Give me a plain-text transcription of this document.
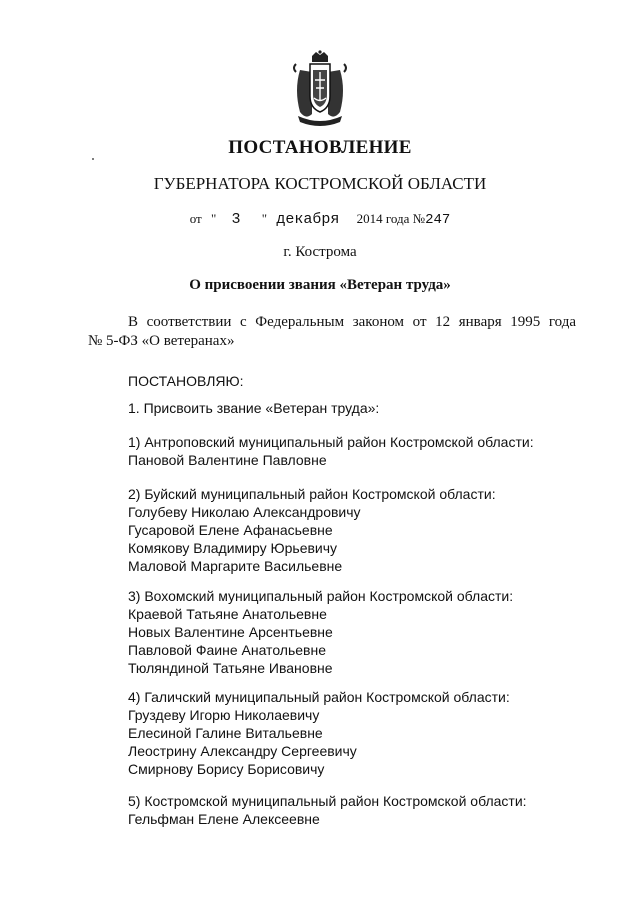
ПОСТАНОВЛЕНИЕ
ГУБЕРНАТОРА КОСТРОМСКОЙ ОБЛАСТИ
от " 3 " декабря 2014 года №247
г. Кострома
О присвоении звания «Ветеран труда»
В соответствии с Федеральным законом от 12 января 1995 года
№ 5-ФЗ «О ветеранах»
ПОСТАНОВЛЯЮ:
1. Присвоить звание «Ветеран труда»:
1) Антроповский муниципальный район Костромской области:
Пановой Валентине Павловне
2) Буйский муниципальный район Костромской области:
Голубеву Николаю Александровичу
Гусаровой Елене Афанасьевне
Комякову Владимиру Юрьевичу
Маловой Маргарите Васильевне
3) Вохомский муниципальный район Костромской области:
Краевой Татьяне Анатольевне
Новых Валентине Арсентьевне
Павловой Фаине Анатольевне
Тюляндиной Татьяне Ивановне
4) Галичский муниципальный район Костромской области:
Груздеву Игорю Николаевичу
Елесиной Галине Витальевне
Леострину Александру Сергеевичу
Смирнову Борису Борисовичу
5) Костромской муниципальный район Костромской области:
Гельфман Елене Алексеевне
